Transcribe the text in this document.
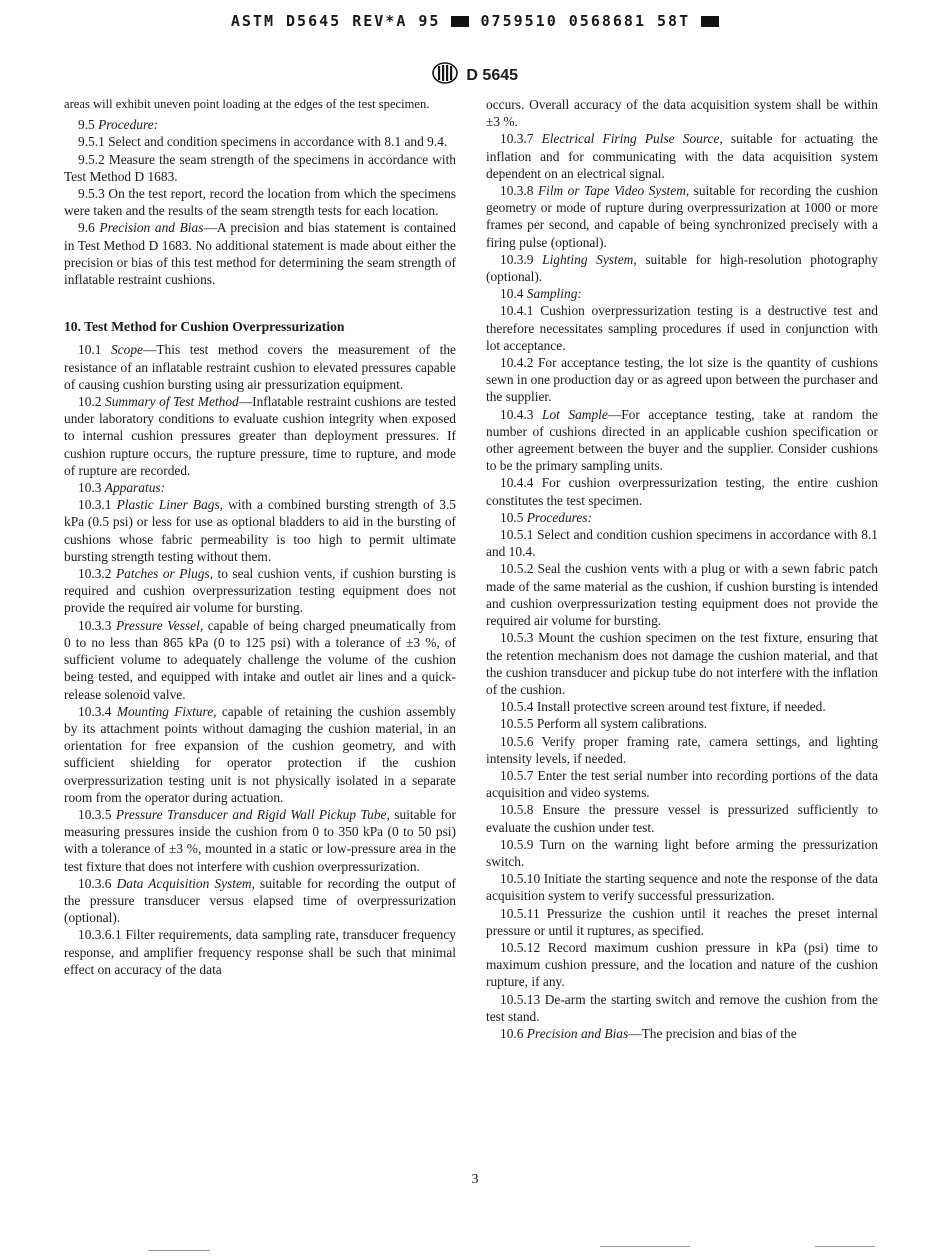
ASTM D5645 REV*A 95	0759510 0568681 58T
D 5645

areas will exhibit uneven point loading at the edges of the test specimen.

9.5 Procedure:

9.5.1 Select and condition specimens in accordance with 8.1 and 9.4.

9.5.2 Measure the seam strength of the specimens in accordance with Test Method D 1683.

9.5.3 On the test report, record the location from which the specimens were taken and the results of the seam strength tests for each location.

9.6 Precision and Bias—A precision and bias statement is contained in Test Method D 1683. No additional statement is made about either the precision or bias of this test method for determining the seam strength of inflatable restraint cushions.

10. Test Method for Cushion Overpressurization

10.1 Scope—This test method covers the measurement of the resistance of an inflatable restraint cushion to elevated pressures capable of causing cushion bursting using air pressurization equipment.

10.2 Summary of Test Method—Inflatable restraint cushions are tested under laboratory conditions to evaluate cushion integrity when exposed to internal cushion pressures greater than deployment pressures. If cushion rupture occurs, the rupture pressure, time to rupture, and mode of rupture are recorded.

10.3 Apparatus:

10.3.1 Plastic Liner Bags, with a combined bursting strength of 3.5 kPa (0.5 psi) or less for use as optional bladders to aid in the bursting of cushions whose fabric permeability is too high to permit ultimate bursting strength testing without them.

10.3.2 Patches or Plugs, to seal cushion vents, if cushion bursting is required and cushion overpressurization testing equipment does not provide the required air volume for bursting.

10.3.3 Pressure Vessel, capable of being charged pneumatically from 0 to no less than 865 kPa (0 to 125 psi) with a tolerance of ±3 %, of sufficient volume to adequately challenge the volume of the cushion being tested, and equipped with intake and outlet air lines and a quick-release solenoid valve.

10.3.4 Mounting Fixture, capable of retaining the cushion assembly by its attachment points without damaging the cushion material, in an orientation for free expansion of the cushion geometry, and with sufficient shielding for operator protection if the cushion overpressurization testing unit is not physically isolated in a separate room from the operator during actuation.

10.3.5 Pressure Transducer and Rigid Wall Pickup Tube, suitable for measuring pressures inside the cushion from 0 to 350 kPa (0 to 50 psi) with a tolerance of ±3 %, mounted in a static or low-pressure area in the test fixture that does not interfere with cushion overpressurization.

10.3.6 Data Acquisition System, suitable for recording the output of the pressure transducer versus elapsed time of overpressurization (optional).

10.3.6.1 Filter requirements, data sampling rate, transducer frequency response, and amplifier frequency response shall be such that minimal effect on accuracy of the data

occurs. Overall accuracy of the data acquisition system shall be within ±3 %.

10.3.7 Electrical Firing Pulse Source, suitable for actuating the inflation and for communicating with the data acquisition system dependent on an electrical signal.

10.3.8 Film or Tape Video System, suitable for recording the cushion geometry or mode of rupture during overpressurization at 1000 or more frames per second, and capable of being synchronized precisely with a firing pulse (optional).

10.3.9 Lighting System, suitable for high-resolution photography (optional).

10.4 Sampling:

10.4.1 Cushion overpressurization testing is a destructive test and therefore necessitates sampling procedures if used in conjunction with lot acceptance.

10.4.2 For acceptance testing, the lot size is the quantity of cushions sewn in one production day or as agreed upon between the purchaser and the supplier.

10.4.3 Lot Sample—For acceptance testing, take at random the number of cushions directed in an applicable cushion specification or other agreement between the buyer and the supplier. Consider cushions to be the primary sampling units.

10.4.4 For cushion overpressurization testing, the entire cushion constitutes the test specimen.

10.5 Procedures:

10.5.1 Select and condition cushion specimens in accordance with 8.1 and 10.4.

10.5.2 Seal the cushion vents with a plug or with a sewn fabric patch made of the same material as the cushion, if cushion bursting is intended and cushion overpressurization testing equipment does not provide the required air volume for bursting.

10.5.3 Mount the cushion specimen on the test fixture, ensuring that the retention mechanism does not damage the cushion material, and that the cushion transducer and pickup tube do not interfere with the inflation of the cushion.

10.5.4 Install protective screen around test fixture, if needed.

10.5.5 Perform all system calibrations.

10.5.6 Verify proper framing rate, camera settings, and lighting intensity levels, if needed.

10.5.7 Enter the test serial number into recording portions of the data acquisition and video systems.

10.5.8 Ensure the pressure vessel is pressurized sufficiently to evaluate the cushion under test.

10.5.9 Turn on the warning light before arming the pressurization switch.

10.5.10 Initiate the starting sequence and note the response of the data acquisition system to verify successful pressurization.

10.5.11 Pressurize the cushion until it reaches the preset internal pressure or until it ruptures, as specified.

10.5.12 Record maximum cushion pressure in kPa (psi) time to maximum cushion pressure, and the location and nature of the cushion rupture, if any.

10.5.13 De-arm the starting switch and remove the cushion from the test stand.

10.6 Precision and Bias—The precision and bias of the

3
